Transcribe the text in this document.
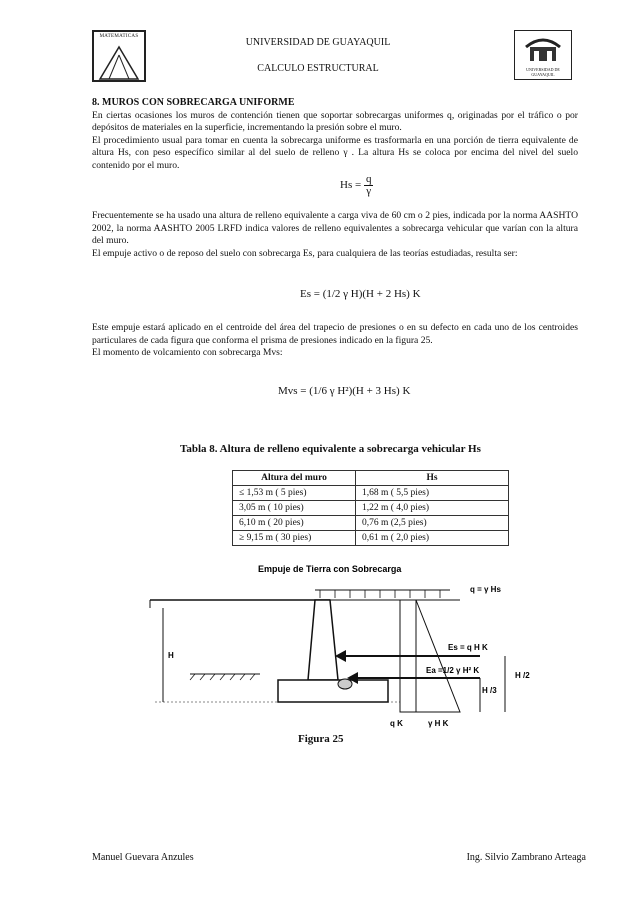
MATEMATICAS
UNIVERSIDAD DE GUAYAQUIL
CALCULO ESTRUCTURAL	UNIVERSIDAD DE GUAYAQUIL

8. MUROS CON SOBRECARGA UNIFORME

En ciertas ocasiones los muros de contención tienen que soportar sobrecargas uniformes q, originadas por el tráfico o por depósitos de materiales en la superficie, incrementando la presión sobre el muro.

El procedimiento usual para tomar en cuenta la sobrecarga uniforme es trasformarla en una porción de tierra equivalente de altura Hs, con peso específico similar al del suelo de relleno γ . La altura Hs se coloca por encima del nivel del suelo contenido por el muro.

$Hs = \frac{q}{\gamma}$

Frecuentemente se ha usado una altura de relleno equivalente a carga viva de 60 cm o 2 pies, indicada por la norma AASHTO 2002, la norma AASHTO 2005 LRFD indica valores de relleno equivalentes a sobrecarga vehicular que varían con la altura del muro.

El empuje activo o de reposo del suelo con sobrecarga Es, para cualquiera de las teorías estudiadas, resulta ser:

Es = (1/2 γ H)(H + 2 Hs) K

Este empuje estará aplicado en el centroide del área del trapecio de presiones o en su defecto en cada uno de los centroides particulares de cada figura que conforma el prisma de presiones indicado en la figura 25.

El momento de volcamiento con sobrecarga Mvs:

Mvs = (1/6 γ H²)(H + 3 Hs) K
Tabla 8. Altura de relleno equivalente a sobrecarga vehicular Hs
Altura del muro	Hs
≤ 1,53 m ( 5 pies)	1,68 m ( 5,5 pies)
3,05 m ( 10 pies)	1,22 m ( 4,0 pies)
6,10 m ( 20 pies)	0,76 m (2,5 pies)
≥ 9,15 m ( 30 pies)	0,61 m ( 2,0 pies)
Empuje de Tierra con Sobrecarga
q = γ Hs
H
Es = q H K
Ea =1/2 γ H² K
H /2
H /3
q K	γ H K
Figura 25
Manuel Guevara Anzules	Ing. Silvio Zambrano Arteaga
